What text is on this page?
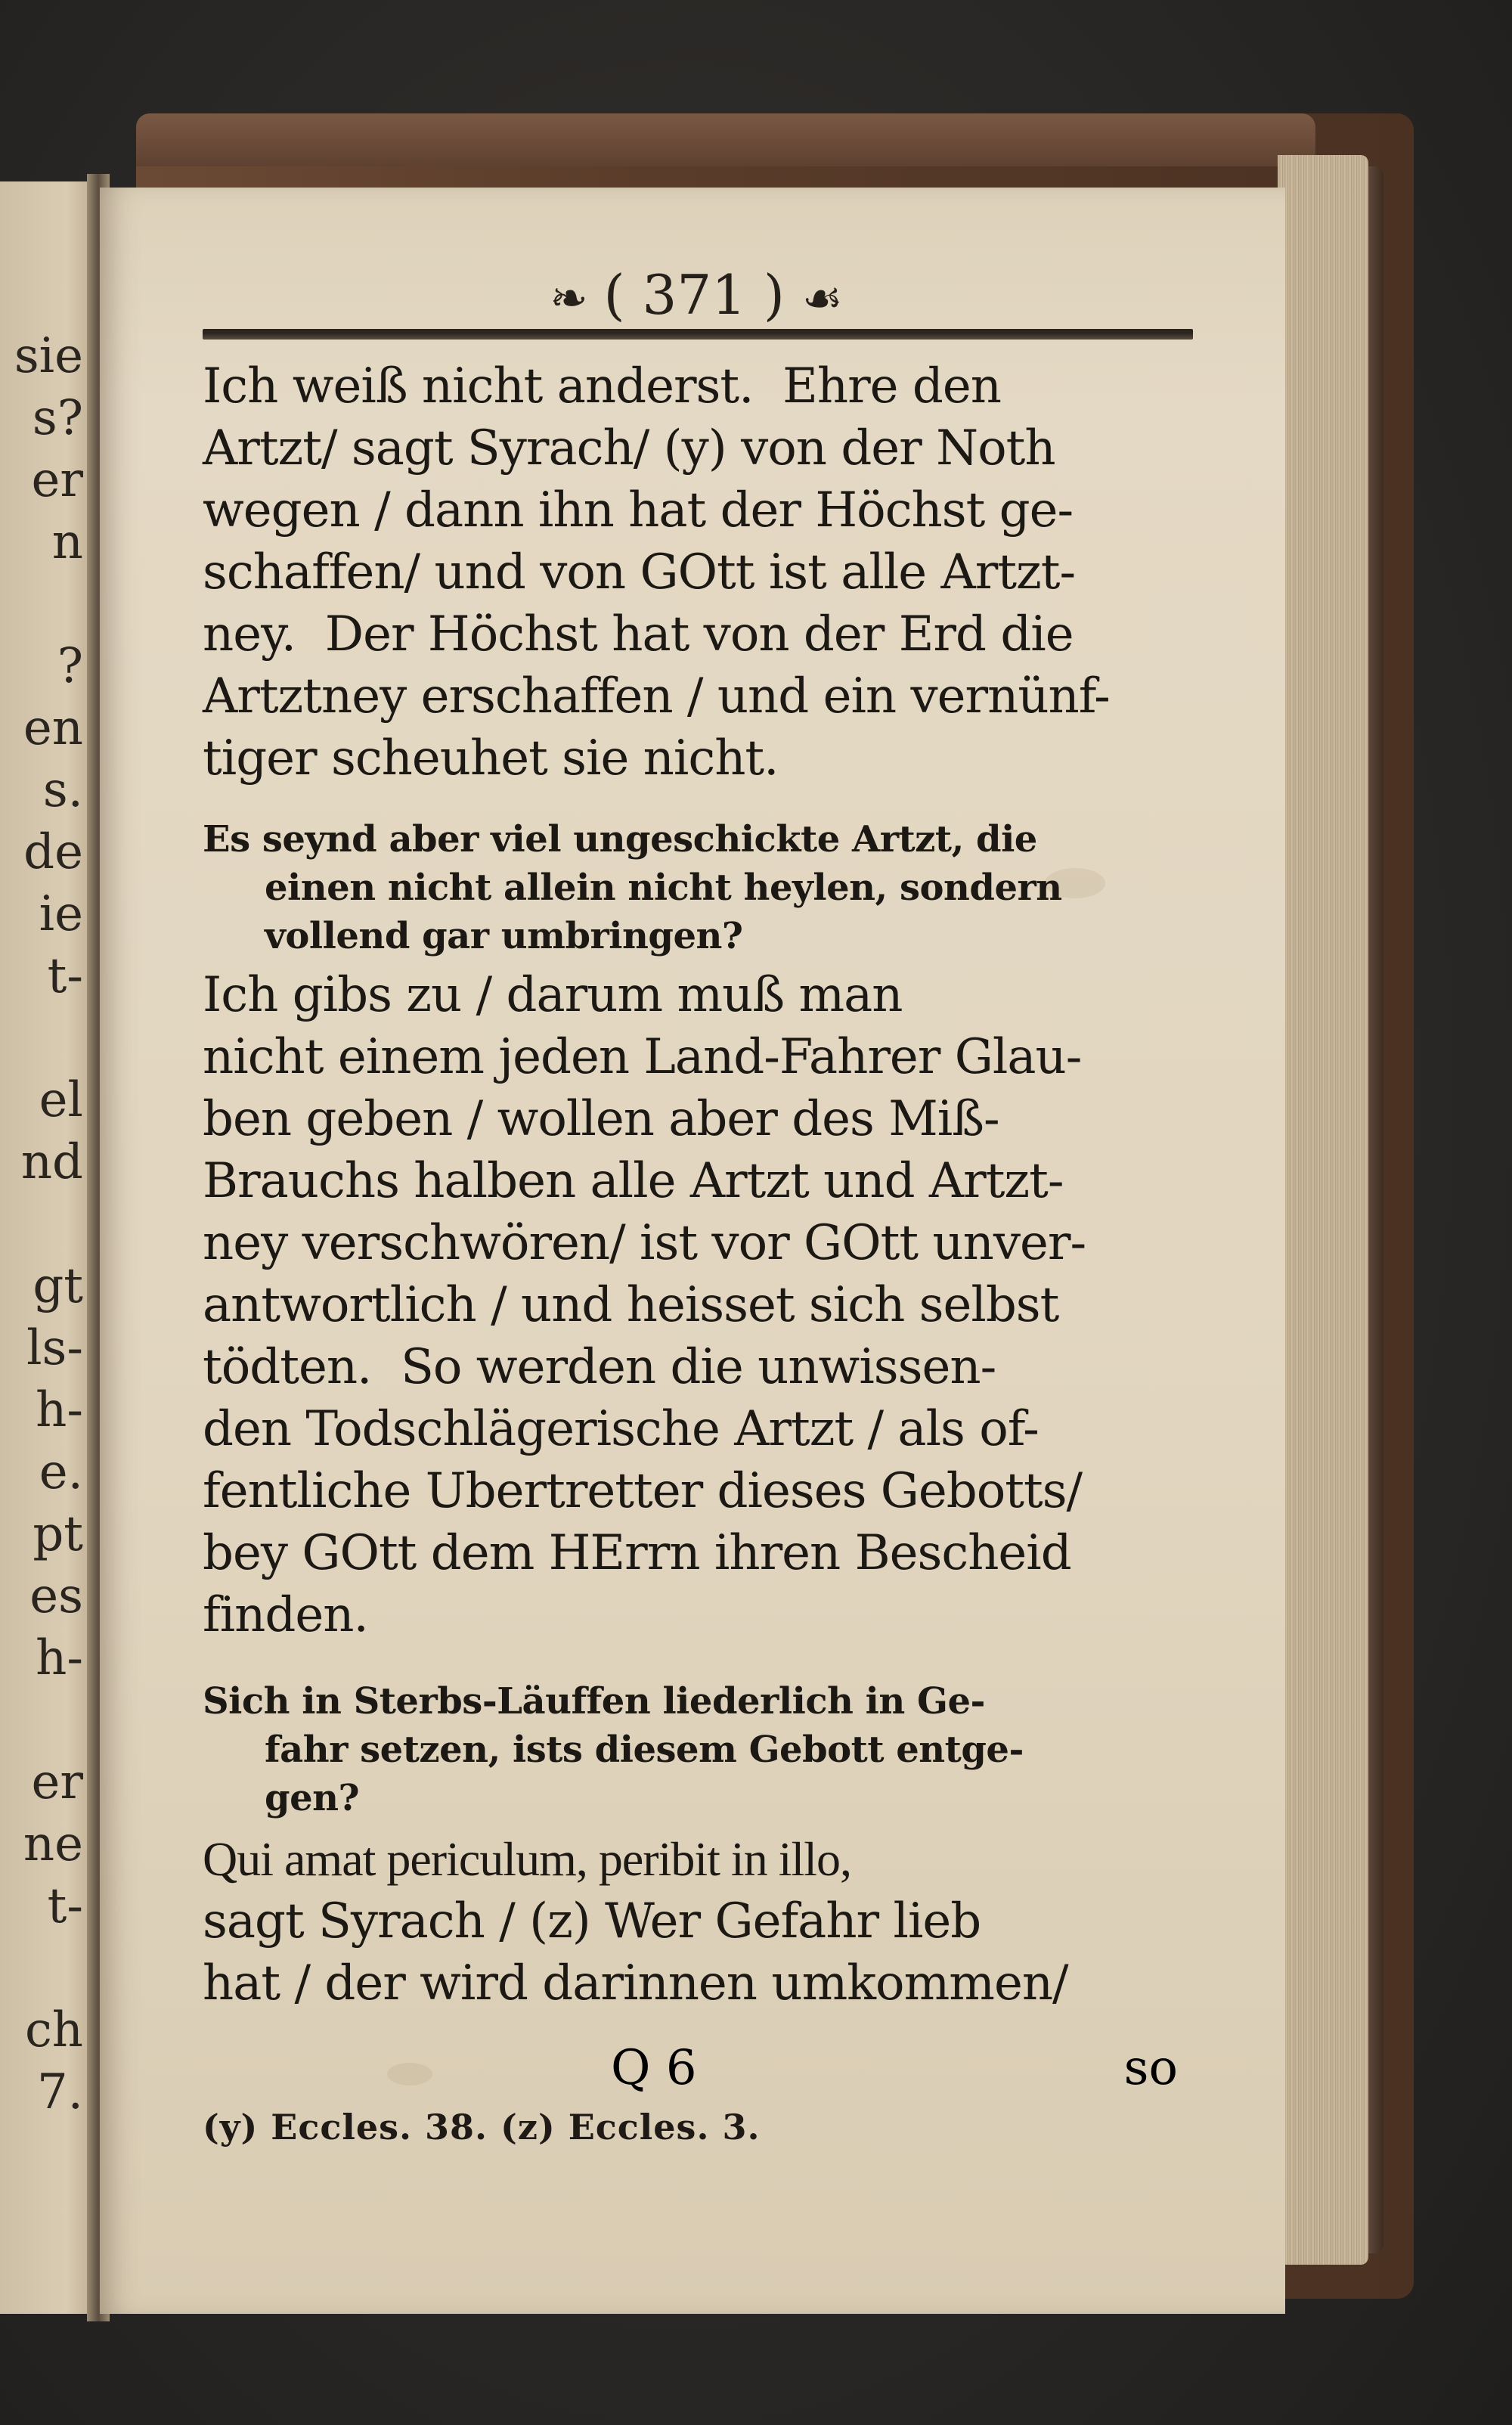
sie
s?
er
n

?
en
s.
de
ie
t-

el
nd

gt
ls-
h-
e.
pt
es
h-

er
ne
t-

ch
7.
❧ ( 371 ) ☙
Ich weiß nicht anderst.  Ehre den
Artzt/ sagt Syrach/ (y) von der Noth
wegen / dann ihn hat der Höchst ge-
schaffen/ und von GOtt ist alle Artzt-
ney.  Der Höchst hat von der Erd die
Artztney erschaffen / und ein vernünf-
tiger scheuhet sie nicht.
Es seynd aber viel ungeschickte Artzt, die
einen nicht allein nicht heylen, sondern
vollend gar umbringen?
Ich gibs zu / darum muß man
nicht einem jeden Land-Fahrer Glau-
ben geben / wollen aber des Miß-
Brauchs halben alle Artzt und Artzt-
ney verschwören/ ist vor GOtt unver-
antwortlich / und heisset sich selbst
tödten.  So werden die unwissen-
den Todschlägerische Artzt / als of-
fentliche Ubertretter dieses Gebotts/
bey GOtt dem HErrn ihren Bescheid
finden.
Sich in Sterbs-Läuffen liederlich in Ge-
fahr setzen, ists diesem Gebott entge-
gen?
Qui amat periculum, peribit in illo,
sagt Syrach / (z) Wer Gefahr lieb
hat / der wird darinnen umkommen/
Q 6	so
(y) Eccles. 38. (z) Eccles. 3.
